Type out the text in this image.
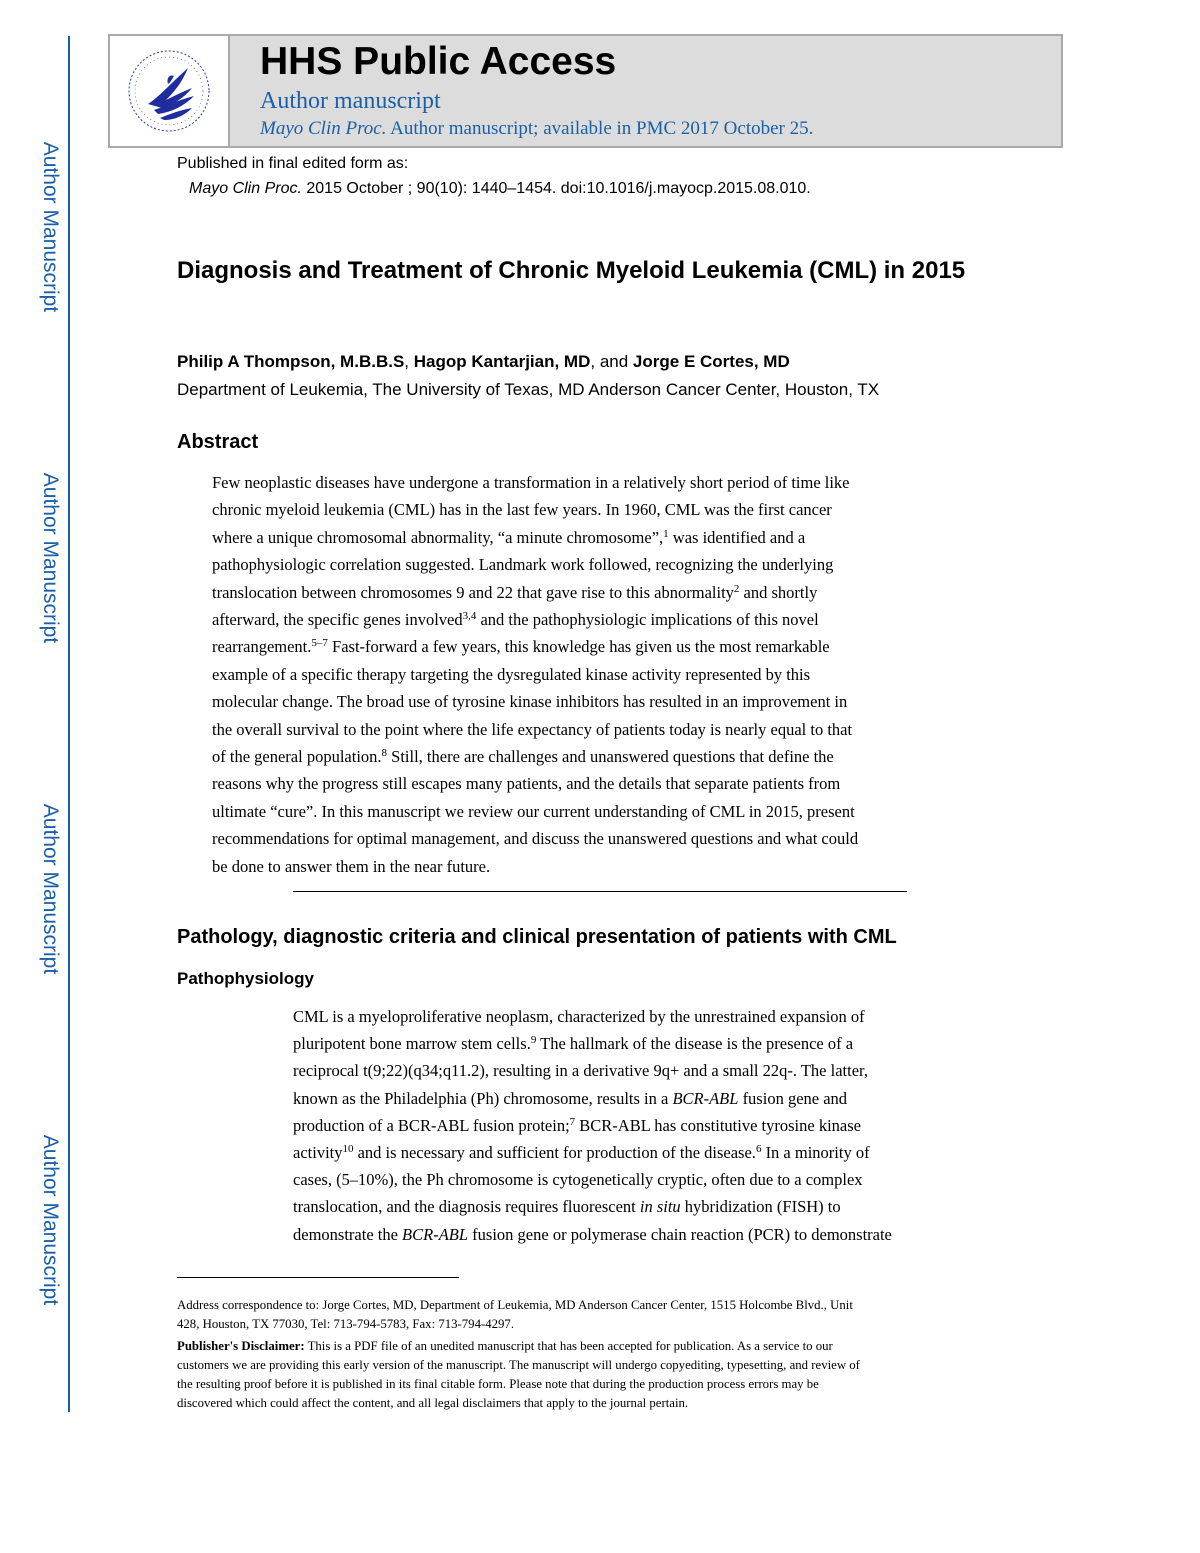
Author Manuscript
Author Manuscript
Author Manuscript
Author Manuscript
HHS Public Access
Author manuscript
Mayo Clin Proc. Author manuscript; available in PMC 2017 October 25.
Published in final edited form as:
Mayo Clin Proc. 2015 October ; 90(10): 1440–1454. doi:10.1016/j.mayocp.2015.08.010.
Diagnosis and Treatment of Chronic Myeloid Leukemia (CML) in 2015
Philip A Thompson, M.B.B.S, Hagop Kantarjian, MD, and Jorge E Cortes, MD
Department of Leukemia, The University of Texas, MD Anderson Cancer Center, Houston, TX
Abstract
Few neoplastic diseases have undergone a transformation in a relatively short period of time like
chronic myeloid leukemia (CML) has in the last few years. In 1960, CML was the first cancer
where a unique chromosomal abnormality, “a minute chromosome”,$^1$ was identified and a
pathophysiologic correlation suggested. Landmark work followed, recognizing the underlying
translocation between chromosomes 9 and 22 that gave rise to this abnormality$^2$ and shortly
afterward, the specific genes involved$^{3,4}$ and the pathophysiologic implications of this novel
rearrangement.$^{5-7}$ Fast-forward a few years, this knowledge has given us the most remarkable
example of a specific therapy targeting the dysregulated kinase activity represented by this
molecular change. The broad use of tyrosine kinase inhibitors has resulted in an improvement in
the overall survival to the point where the life expectancy of patients today is nearly equal to that
of the general population.$^8$ Still, there are challenges and unanswered questions that define the
reasons why the progress still escapes many patients, and the details that separate patients from
ultimate “cure”. In this manuscript we review our current understanding of CML in 2015, present
recommendations for optimal management, and discuss the unanswered questions and what could
be done to answer them in the near future.
Pathology, diagnostic criteria and clinical presentation of patients with CML
Pathophysiology
CML is a myeloproliferative neoplasm, characterized by the unrestrained expansion of
pluripotent bone marrow stem cells.$^9$ The hallmark of the disease is the presence of a
reciprocal t(9;22)(q34;q11.2), resulting in a derivative 9q+ and a small 22q-. The latter,
known as the Philadelphia (Ph) chromosome, results in a BCR-ABL fusion gene and
production of a BCR-ABL fusion protein;$^7$ BCR-ABL has constitutive tyrosine kinase
activity$^{10}$ and is necessary and sufficient for production of the disease.$^6$ In a minority of
cases, (5–10%), the Ph chromosome is cytogenetically cryptic, often due to a complex
translocation, and the diagnosis requires fluorescent in situ hybridization (FISH) to
demonstrate the BCR-ABL fusion gene or polymerase chain reaction (PCR) to demonstrate
Address correspondence to: Jorge Cortes, MD, Department of Leukemia, MD Anderson Cancer Center, 1515 Holcombe Blvd., Unit
428, Houston, TX 77030, Tel: 713-794-5783, Fax: 713-794-4297.
Publisher's Disclaimer: This is a PDF file of an unedited manuscript that has been accepted for publication. As a service to our
customers we are providing this early version of the manuscript. The manuscript will undergo copyediting, typesetting, and review of
the resulting proof before it is published in its final citable form. Please note that during the production process errors may be
discovered which could affect the content, and all legal disclaimers that apply to the journal pertain.
